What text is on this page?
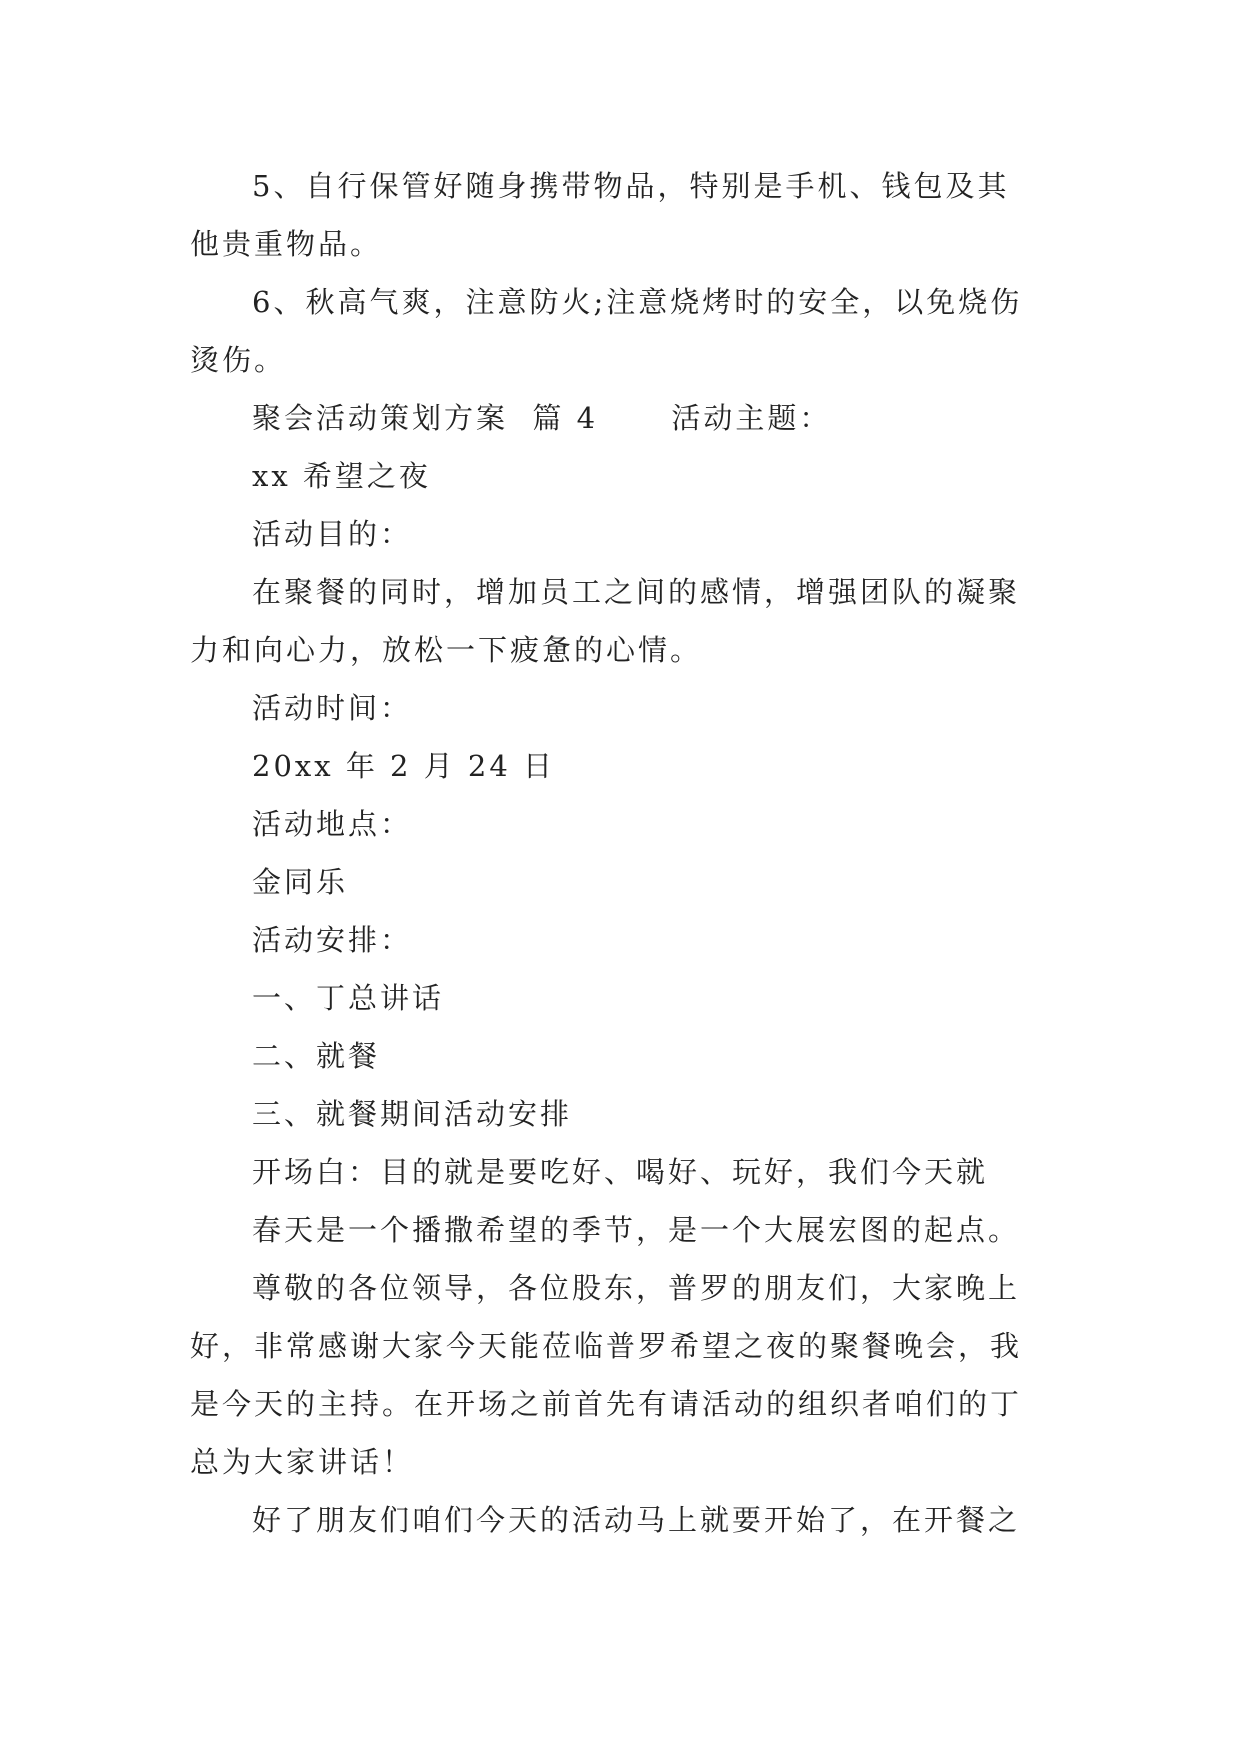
5、自行保管好随身携带物品，特别是手机、钱包及其
他贵重物品。
6、秋高气爽，注意防火;注意烧烤时的安全，以免烧伤
烫伤。
聚会活动策划方案  篇 4      活动主题：
xx 希望之夜
活动目的：
在聚餐的同时，增加员工之间的感情，增强团队的凝聚
力和向心力，放松一下疲惫的心情。
活动时间：
20xx 年 2 月 24 日
活动地点：
金同乐
活动安排：
一、丁总讲话
二、就餐
三、就餐期间活动安排
开场白：目的就是要吃好、喝好、玩好，我们今天就
春天是一个播撒希望的季节，是一个大展宏图的起点。
尊敬的各位领导，各位股东，普罗的朋友们，大家晚上
好，非常感谢大家今天能莅临普罗希望之夜的聚餐晚会，我
是今天的主持。在开场之前首先有请活动的组织者咱们的丁
总为大家讲话！
好了朋友们咱们今天的活动马上就要开始了，在开餐之
